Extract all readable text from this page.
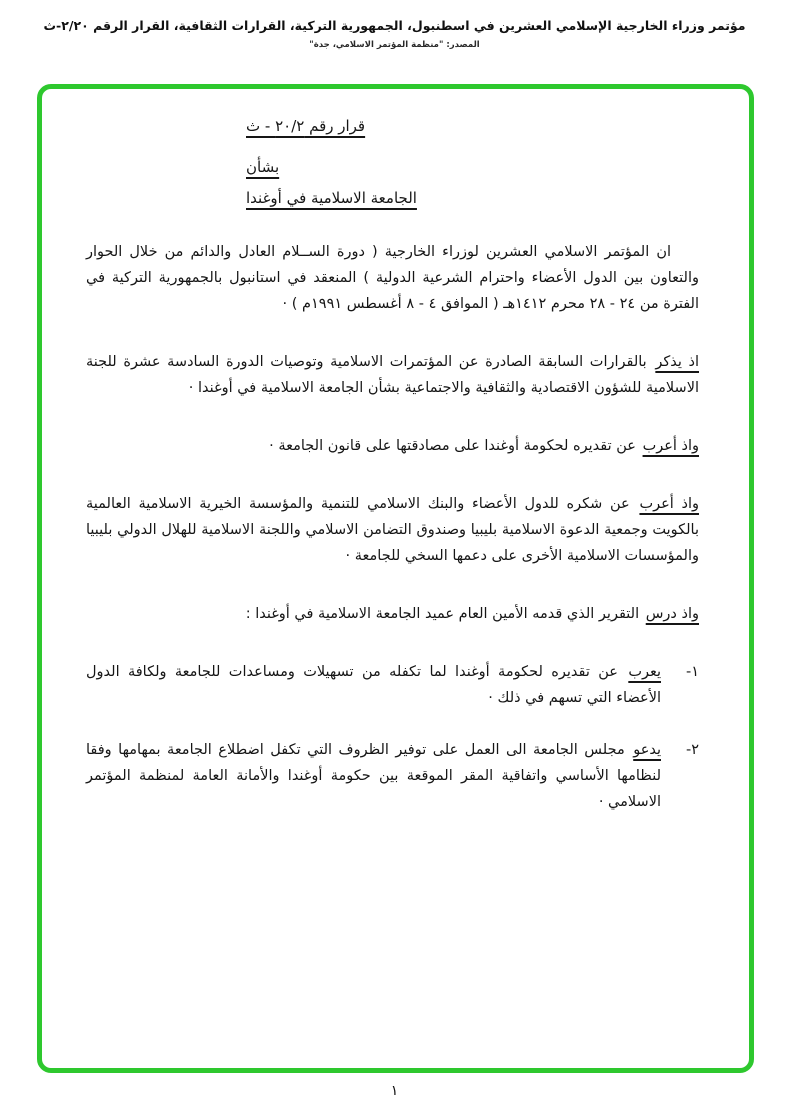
مؤتمر وزراء الخارجية الإسلامي العشرين في اسطنبول، الجمهورية التركية، القرارات الثقافية، القرار الرقم ٢/٢٠-ث
المصدر: "منظمة المؤتمر الاسلامي، جدة"
قرار رقم ٢٠/٢ - ث
بشأن
الجامعة الاسلامية في أوغندا

ان المؤتمر الاسلامي العشرين لوزراء الخارجية ( دورة الســلام العادل والدائم من خلال الحوار والتعاون بين الدول الأعضاء واحترام الشرعية الدولية ) المنعقد في استانبول بالجمهورية التركية في الفترة من ٢٤ - ٢٨ محرم ١٤١٢هـ ( الموافق ٤ - ٨ أغسطس ١٩٩١م ) ·

اذ يذكر بالقرارات السابقة الصادرة عن المؤتمرات الاسلامية وتوصيات الدورة السادسة عشرة للجنة الاسلامية للشؤون الاقتصادية والثقافية والاجتماعية بشأن الجامعة الاسلامية في أوغندا ·

واذ أعرب عن تقديره لحكومة أوغندا على مصادقتها على قانون الجامعة ·

واذ أعرب عن شكره للدول الأعضاء والبنك الاسلامي للتنمية والمؤسسة الخيرية الاسلامية العالمية بالكويت وجمعية الدعوة الاسلامية بليبيا وصندوق التضامن الاسلامي واللجنة الاسلامية للهلال الدولي بليبيا والمؤسسات الاسلامية الأخرى على دعمها السخي للجامعة ·

واذ درس التقرير الذي قدمه الأمين العام عميد الجامعة الاسلامية في أوغندا :

١-

يعرب عن تقديره لحكومة أوغندا لما تكفله من تسهيلات ومساعدات للجامعة ولكافة الدول الأعضاء التي تسهم في ذلك ·

٢-

يدعو مجلس الجامعة الى العمل على توفير الظروف التي تكفل اضطلاع الجامعة بمهامها وفقا لنظامها الأساسي واتفاقية المقر الموقعة بين حكومة أوغندا والأمانة العامة لمنظمة المؤتمر الاسلامي ·

١
